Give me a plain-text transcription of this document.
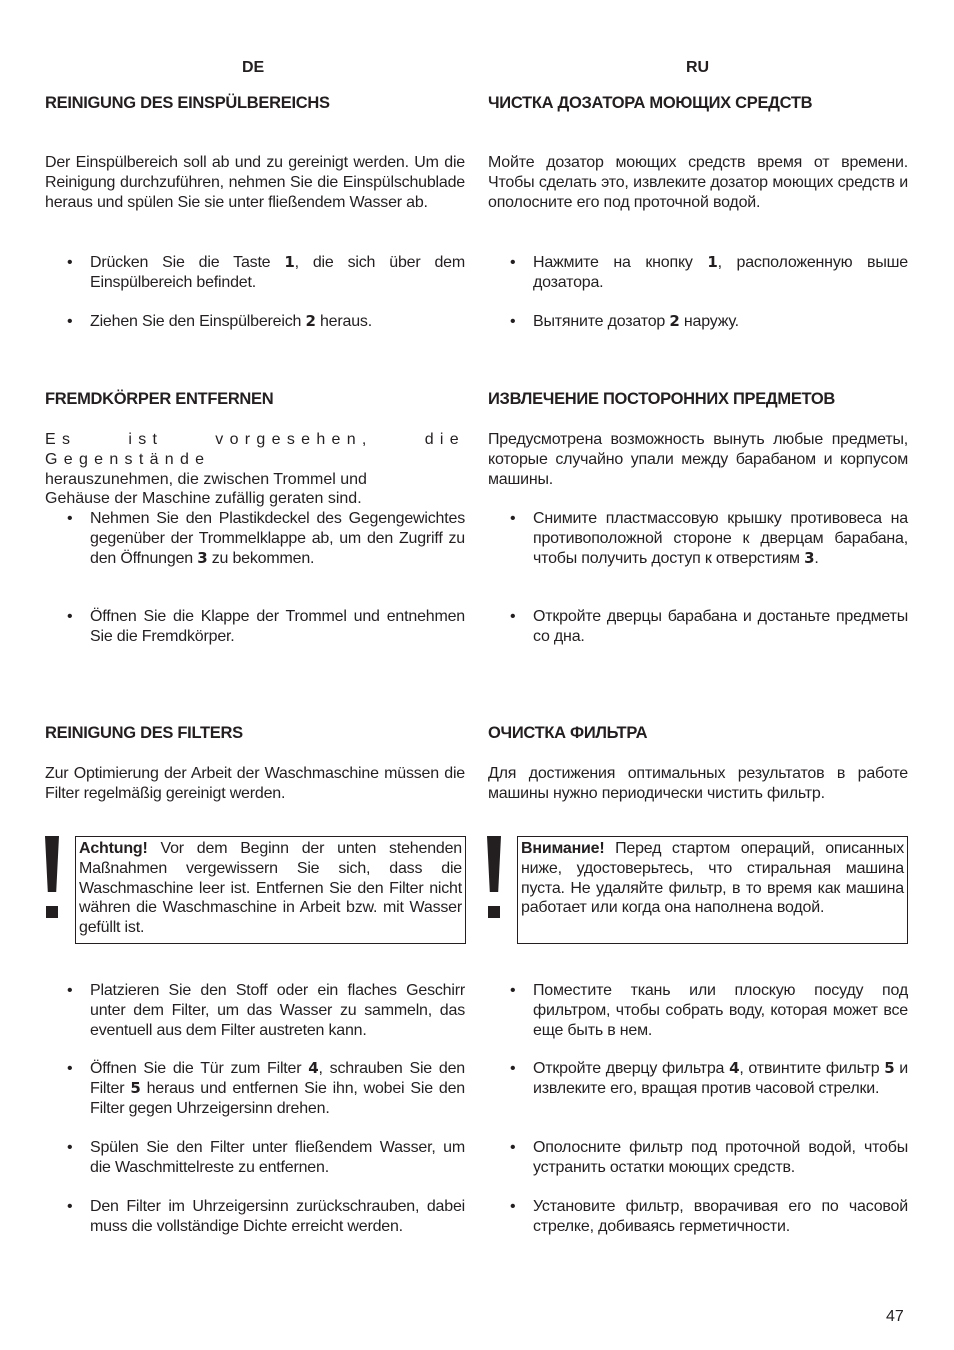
DE
REINIGUNG DES EINSPÜLBEREICHS
Der Einspülbereich soll ab und zu gereinigt werden. Um die Reinigung durchzuführen, nehmen Sie die Einspülschublade heraus und spülen Sie sie unter fließendem Wasser ab.
• Drücken Sie die Taste 1, die sich über dem Einspülbereich befindet.
• Ziehen Sie den Einspülbereich 2 heraus.
FREMDKÖRPER ENTFERNEN
Es ist vorgesehen, die Gegenstände
herauszunehmen, die zwischen Trommel und
Gehäuse der Maschine zufällig geraten sind.
• Nehmen Sie den Plastikdeckel des Gegengewichtes gegenüber der Trommelklappe ab, um den Zugriff zu den Öffnungen 3 zu bekommen.
• Öffnen Sie die Klappe der Trommel und entnehmen Sie die Fremdkörper.
REINIGUNG DES FILTERS
Zur Optimierung der Arbeit der Waschmaschine müssen die Filter regelmäßig gereinigt werden.
Achtung! Vor dem Beginn der unten stehenden Maßnahmen vergewissern Sie sich, dass die Waschmaschine leer ist. Entfernen Sie den Filter nicht währen die Waschmaschine in Arbeit bzw. mit Wasser gefüllt ist.
• Platzieren Sie den Stoff oder ein flaches Geschirr unter dem Filter, um das Wasser zu sammeln, das eventuell aus dem Filter austreten kann.
• Öffnen Sie die Tür zum Filter 4, schrauben Sie den Filter 5 heraus und entfernen Sie ihn, wobei Sie den Filter gegen Uhrzeigersinn drehen.
• Spülen Sie den Filter unter fließendem Wasser, um die Waschmittelreste zu entfernen.
• Den Filter im Uhrzeigersinn zurückschrauben, dabei muss die vollständige Dichte erreicht werden.
RU
ЧИСТКА ДОЗАТОРА МОЮЩИХ СРЕДСТВ
Мойте дозатор моющих средств время от времени. Чтобы сделать это, извлеките дозатор моющих средств и ополосните его под проточной водой.
• Нажмите на кнопку 1, расположенную выше дозатора.
• Вытяните дозатор 2 наружу.
ИЗВЛЕЧЕНИЕ ПОСТОРОННИХ ПРЕДМЕТОВ
Предусмотрена возможность вынуть любые предметы, которые случайно упали между барабаном и корпусом машины.
• Снимите пластмассовую крышку противовеса на противоположной стороне к дверцам барабана, чтобы получить доступ к отверстиям 3.
• Откройте дверцы барабана и достаньте предметы со дна.
ОЧИСТКА ФИЛЬТРА
Для достижения оптимальных результатов в работе машины нужно периодически чистить фильтр.
Внимание! Перед стартом операций, описанных ниже, удостоверьтесь, что стиральная машина пуста. Не удаляйте фильтр, в то время как машина работает или когда она наполнена водой.
• Поместите ткань или плоскую посуду под фильтром, чтобы собрать воду, которая может все еще быть в нем.
• Откройте дверцу фильтра 4, отвинтите фильтр 5 и извлеките его, вращая против часовой стрелки.
• Ополосните фильтр под проточной водой, чтобы устранить остатки моющих средств.
• Установите фильтр, вворачивая его по часовой стрелке, добиваясь герметичности.
47
